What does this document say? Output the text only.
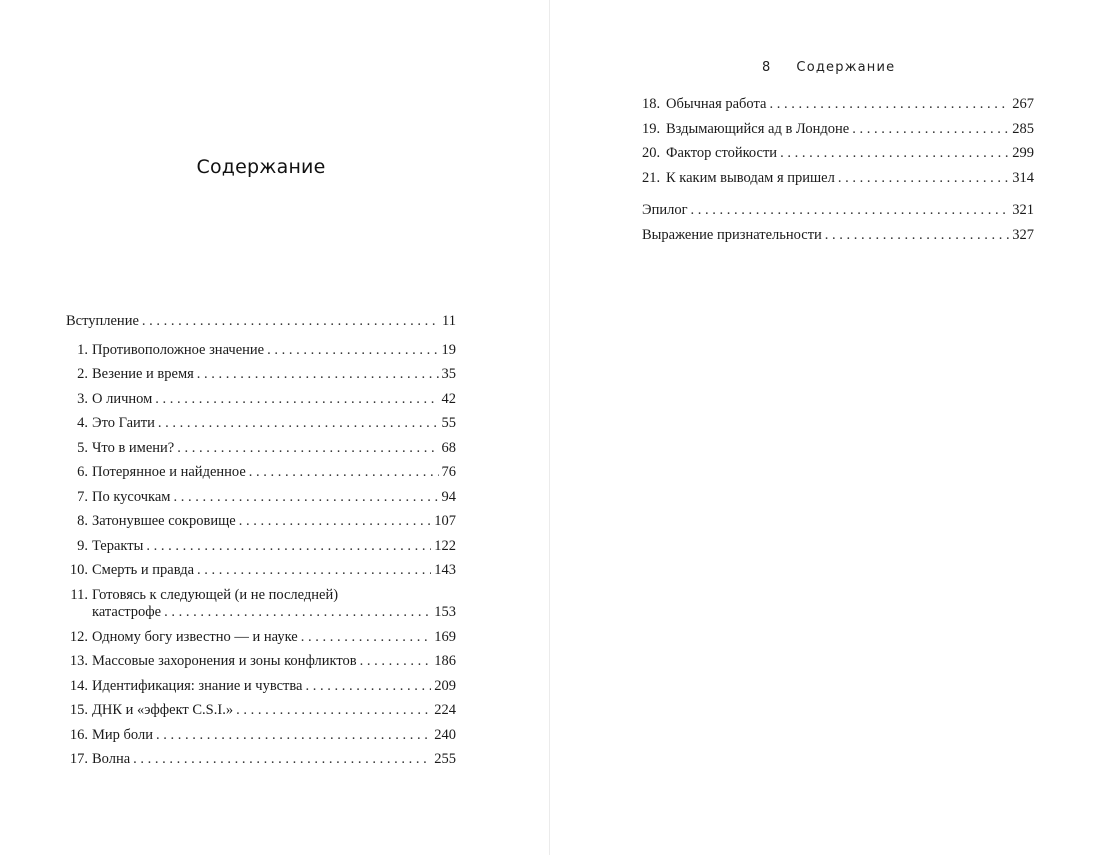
Содержание
Вступление . . .	11
1. Противоположное значение . . .	19
2. Везение и время . . .	35
3. О личном . . .	42
4. Это Гаити . . .	55
5. Что в имени? . . .	68
6. Потерянное и найденное . . .	76
7. По кусочкам . . .	94
8. Затонувшее сокровище . . .	107
9. Теракты . . .	122
10. Смерть и правда . . .	143
11. Готовясь к следующей (и не последней)
катастрофе . . .	153
12. Одному богу известно — и науке . . .	169
13. Массовые захоронения и зоны конфликтов . . .	186
14. Идентификация: знание и чувства . . .	209
15. ДНК и «эффект C.S.I.» . . .	224
16. Мир боли . . .	240
17. Волна . . .	255
8 Содержание
18. Обычная работа . . .	267
19. Вздымающийся ад в Лондоне . . .	285
20. Фактор стойкости . . .	299
21. К каким выводам я пришел . . .	314
Эпилог . . .	321
Выражение признательности . . .	327
